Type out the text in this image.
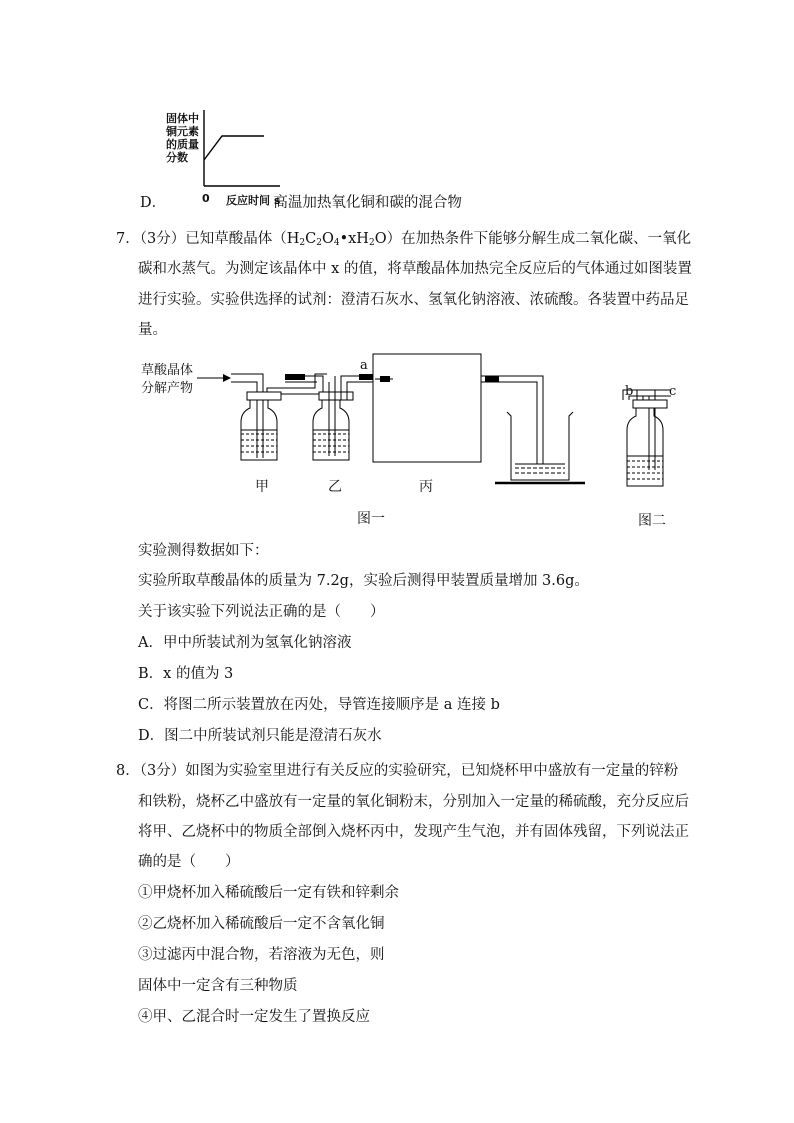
固体中
铜元素
的质量
分数
0 反应时间 s
D．	高温加热氧化铜和碳的混合物
7．（3分）已知草酸晶体$(H_2C_2O_4•xH_2O)$在加热条件下能够分解生成二氧化碳、一氧化
碳和水蒸气。为测定该晶体中 x 的值，将草酸晶体加热完全反应后的气体通过如图装置
进行实验。实验供选择的试剂：澄清石灰水、氢氧化钠溶液、浓硫酸。各装置中药品足
量。
草酸晶体
分解产物
a
甲	乙	丙
图一
b	c
图二
实验测得数据如下：
实验所取草酸晶体的质量为 7.2g，实验后测得甲装置质量增加 3.6g。
关于该实验下列说法正确的是（　　）
A．甲中所装试剂为氢氧化钠溶液
B．x 的值为 3
C．将图二所示装置放在丙处，导管连接顺序是 a 连接 b
D．图二中所装试剂只能是澄清石灰水
8．（3分）如图为实验室里进行有关反应的实验研究，已知烧杯甲中盛放有一定量的锌粉
和铁粉，烧杯乙中盛放有一定量的氧化铜粉末，分别加入一定量的稀硫酸，充分反应后
将甲、乙烧杯中的物质全部倒入烧杯丙中，发现产生气泡，并有固体残留，下列说法正
确的是（　　）
①甲烧杯加入稀硫酸后一定有铁和锌剩余
②乙烧杯加入稀硫酸后一定不含氧化铜
③过滤丙中混合物，若溶液为无色，则
固体中一定含有三种物质
④甲、乙混合时一定发生了置换反应
